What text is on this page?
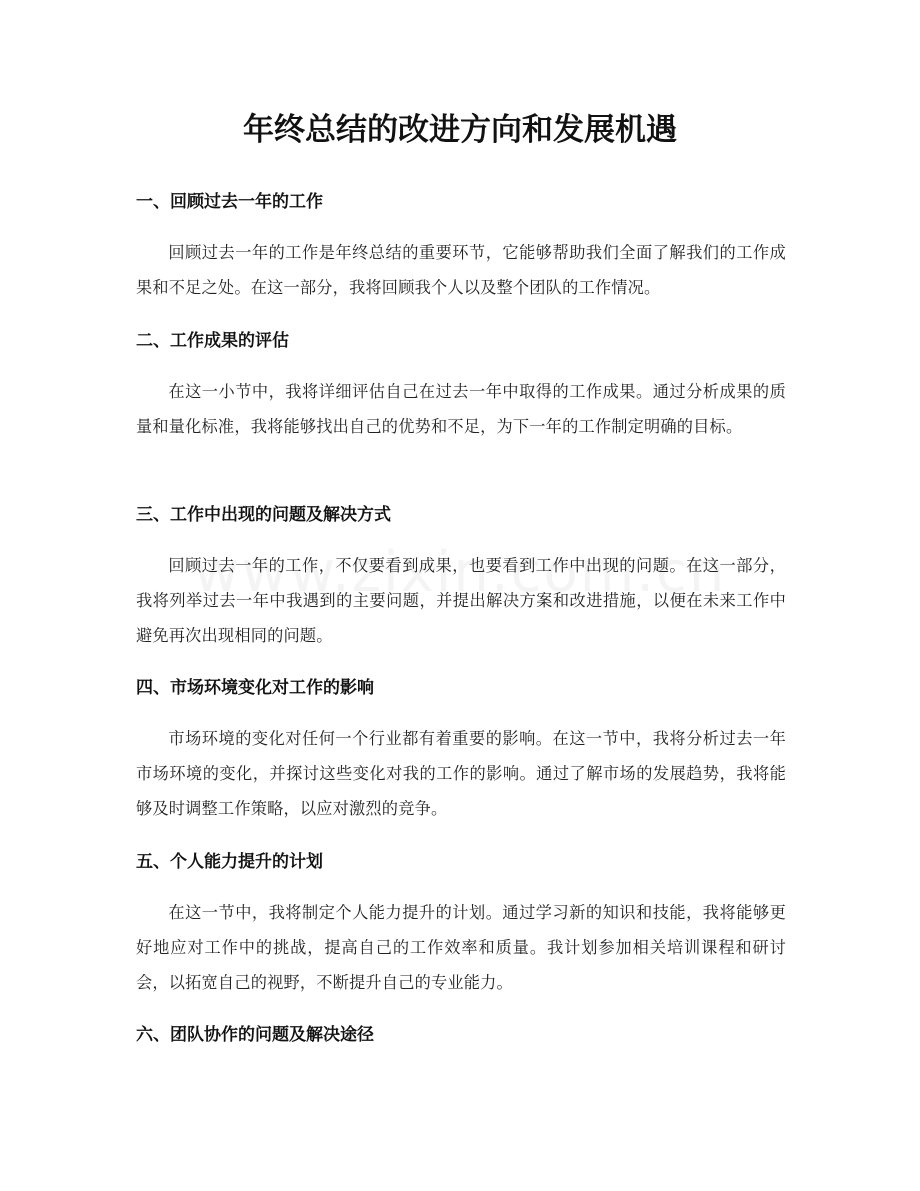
年终总结的改进方向和发展机遇
一、回顾过去一年的工作

回顾过去一年的工作是年终总结的重要环节，它能够帮助我们全面了解我们的工作成果和不足之处。在这一部分，我将回顾我个人以及整个团队的工作情况。

二、工作成果的评估

在这一小节中，我将详细评估自己在过去一年中取得的工作成果。通过分析成果的质量和量化标准，我将能够找出自己的优势和不足，为下一年的工作制定明确的目标。

三、工作中出现的问题及解决方式

回顾过去一年的工作，不仅要看到成果，也要看到工作中出现的问题。在这一部分，我将列举过去一年中我遇到的主要问题，并提出解决方案和改进措施，以便在未来工作中避免再次出现相同的问题。

四、市场环境变化对工作的影响

市场环境的变化对任何一个行业都有着重要的影响。在这一节中，我将分析过去一年市场环境的变化，并探讨这些变化对我的工作的影响。通过了解市场的发展趋势，我将能够及时调整工作策略，以应对激烈的竞争。

五、个人能力提升的计划

在这一节中，我将制定个人能力提升的计划。通过学习新的知识和技能，我将能够更好地应对工作中的挑战，提高自己的工作效率和质量。我计划参加相关培训课程和研讨会，以拓宽自己的视野，不断提升自己的专业能力。

六、团队协作的问题及解决途径
